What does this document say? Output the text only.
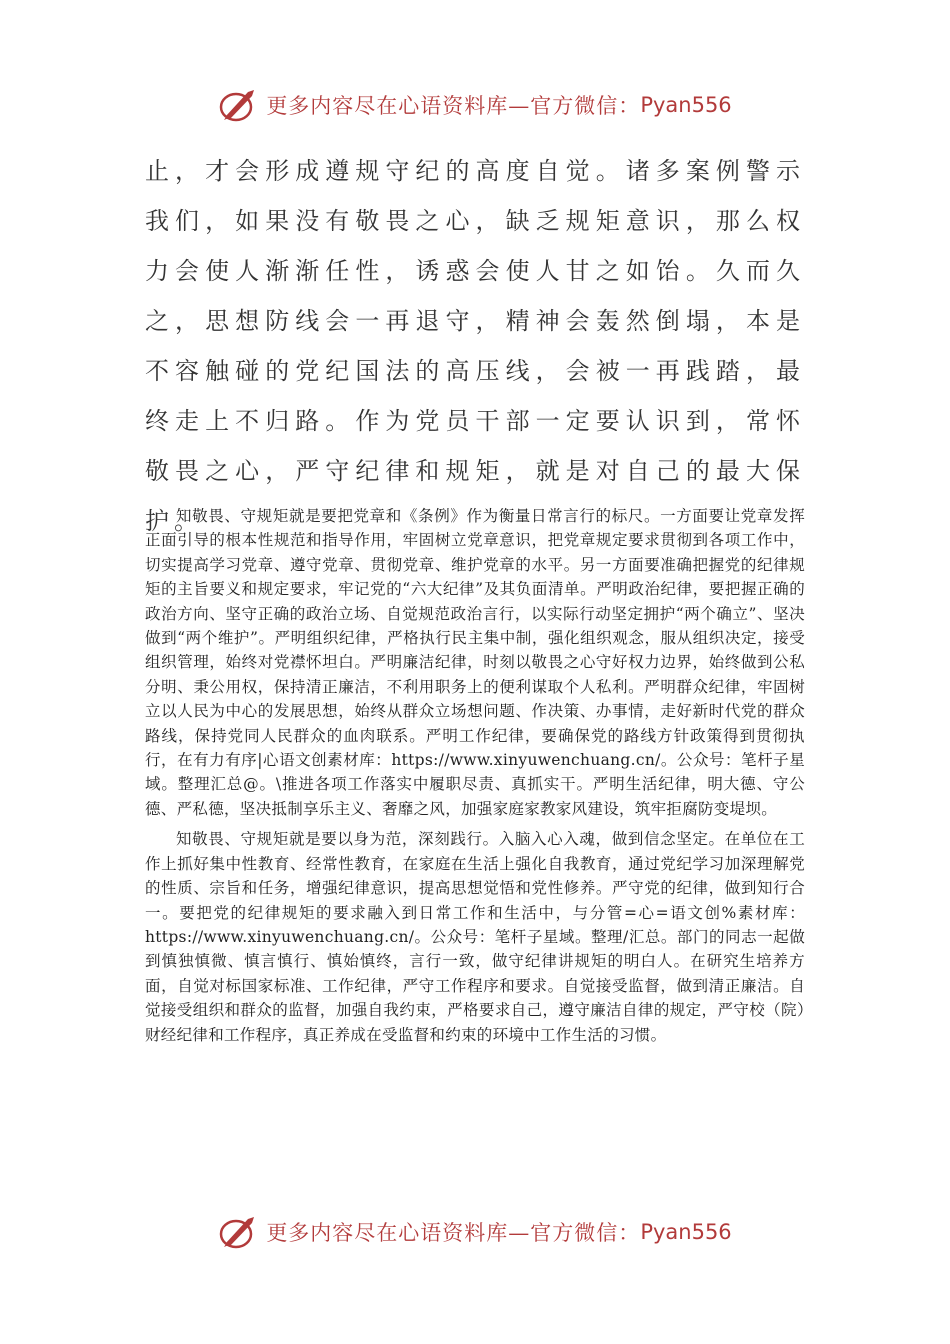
更多内容尽在心语资料库—官方微信： Pyan556

止，才会形成遵规守纪的高度自觉。诸多案例警示我们，如果没有敬畏之心，缺乏规矩意识，那么权力会使人渐渐任性，诱惑会使人甘之如饴。久而久之，思想防线会一再退守，精神会轰然倒塌，本是不容触碰的党纪国法的高压线，会被一再践踏，最终走上不归路。作为党员干部一定要认识到，常怀敬畏之心，严守纪律和规矩，就是对自己的最大保护。

知敬畏、守规矩就是要把党章和《条例》作为衡量日常言行的标尺。一方面要让党章发挥正面引导的根本性规范和指导作用，牢固树立党章意识，把党章规定要求贯彻到各项工作中，切实提高学习党章、遵守党章、贯彻党章、维护党章的水平。另一方面要准确把握党的纪律规矩的主旨要义和规定要求，牢记党的“六大纪律”及其负面清单。严明政治纪律，要把握正确的政治方向、坚守正确的政治立场、自觉规范政治言行，以实际行动坚定拥护“两个确立”、坚决做到“两个维护”。严明组织纪律，严格执行民主集中制，强化组织观念，服从组织决定，接受组织管理，始终对党襟怀坦白。严明廉洁纪律，时刻以敬畏之心守好权力边界，始终做到公私分明、秉公用权，保持清正廉洁，不利用职务上的便利谋取个人私利。严明群众纪律，牢固树立以人民为中心的发展思想，始终从群众立场想问题、作决策、办事情，走好新时代党的群众路线，保持党同人民群众的血肉联系。严明工作纪律，要确保党的路线方针政策得到贯彻执行，在有力有序|心语文创素材库：https://www.xinyuwenchuang.cn/。公众号：笔杆子星域。整理汇总@。\推进各项工作落实中履职尽责、真抓实干。严明生活纪律，明大德、守公德、严私德，坚决抵制享乐主义、奢靡之风，加强家庭家教家风建设，筑牢拒腐防变堤坝。

知敬畏、守规矩就是要以身为范，深刻践行。入脑入心入魂，做到信念坚定。在单位在工作上抓好集中性教育、经常性教育，在家庭在生活上强化自我教育，通过党纪学习加深理解党的性质、宗旨和任务，增强纪律意识，提高思想觉悟和党性修养。严守党的纪律，做到知行合一。要把党的纪律规矩的要求融入到日常工作和生活中，与分管=心=语文创%素材库：https://www.xinyuwenchuang.cn/。公众号：笔杆子星域。整理/汇总。部门的同志一起做到慎独慎微、慎言慎行、慎始慎终，言行一致，做守纪律讲规矩的明白人。在研究生培养方面，自觉对标国家标准、工作纪律，严守工作程序和要求。自觉接受监督，做到清正廉洁。自觉接受组织和群众的监督，加强自我约束，严格要求自己，遵守廉洁自律的规定，严守校（院）财经纪律和工作程序，真正养成在受监督和约束的环境中工作生活的习惯。

更多内容尽在心语资料库—官方微信： Pyan556
